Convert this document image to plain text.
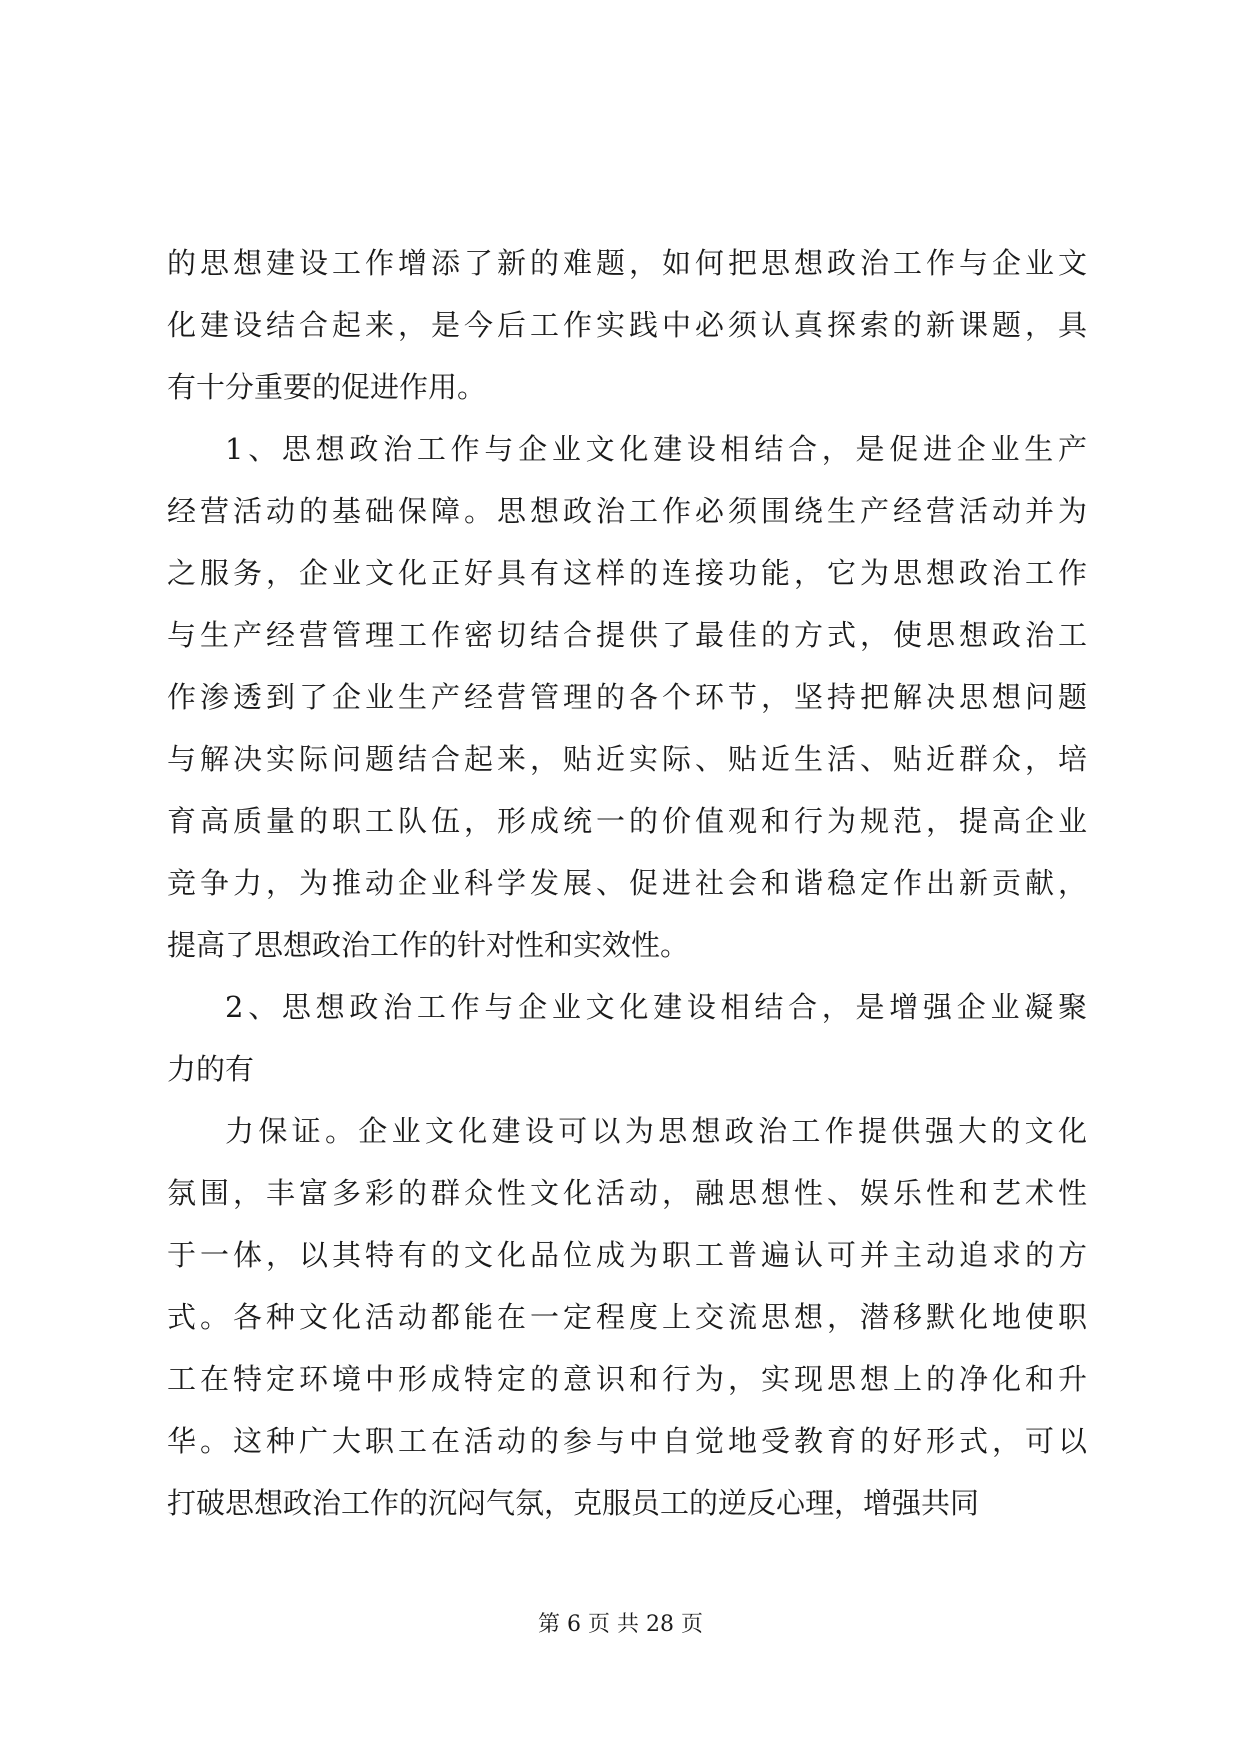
的思想建设工作增添了新的难题，如何把思想政治工作与企业文
化建设结合起来，是今后工作实践中必须认真探索的新课题，具
有十分重要的促进作用。
1、思想政治工作与企业文化建设相结合，是促进企业生产
经营活动的基础保障。思想政治工作必须围绕生产经营活动并为
之服务，企业文化正好具有这样的连接功能，它为思想政治工作
与生产经营管理工作密切结合提供了最佳的方式，使思想政治工
作渗透到了企业生产经营管理的各个环节，坚持把解决思想问题
与解决实际问题结合起来，贴近实际、贴近生活、贴近群众，培
育高质量的职工队伍，形成统一的价值观和行为规范，提高企业
竞争力，为推动企业科学发展、促进社会和谐稳定作出新贡献，
提高了思想政治工作的针对性和实效性。
2、思想政治工作与企业文化建设相结合，是增强企业凝聚
力的有
力保证。企业文化建设可以为思想政治工作提供强大的文化
氛围，丰富多彩的群众性文化活动，融思想性、娱乐性和艺术性
于一体，以其特有的文化品位成为职工普遍认可并主动追求的方
式。各种文化活动都能在一定程度上交流思想，潜移默化地使职
工在特定环境中形成特定的意识和行为，实现思想上的净化和升
华。这种广大职工在活动的参与中自觉地受教育的好形式，可以
打破思想政治工作的沉闷气氛，克服员工的逆反心理，增强共同
第 6 页 共 28 页
